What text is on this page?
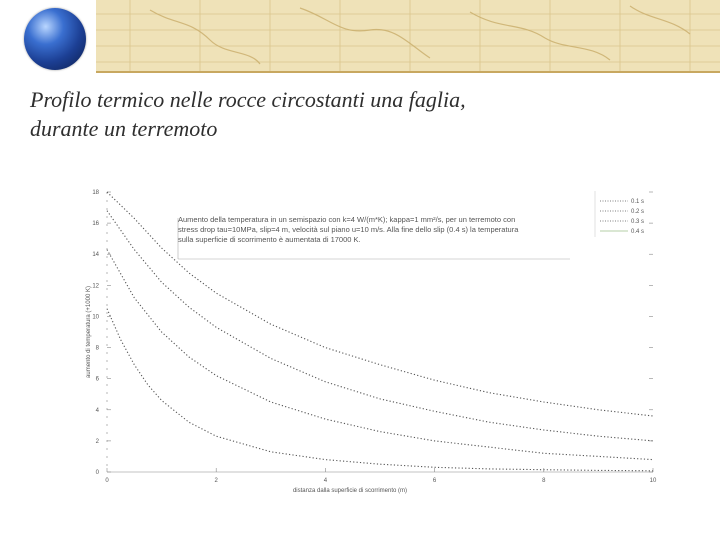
Profilo termico nelle rocce circostanti una faglia,
durante un terremoto
0	2	4	6	8	10
0
2
4
6
8
10
12
14
16
18
distanza dalla superficie di scorrimento (m)
aumento di temperatura (+1000 K)
Aumento della temperatura in un semispazio con k=4 W/(m*K); kappa=1 mm²/s, per un terremoto con
stress drop tau=10MPa, slip=4 m, velocità sul piano u=10 m/s. Alla fine dello slip (0.4 s) la temperatura
sulla superficie di scorrimento è aumentata di 17000 K.
0.1 s
0.2 s
0.3 s
0.4 s
